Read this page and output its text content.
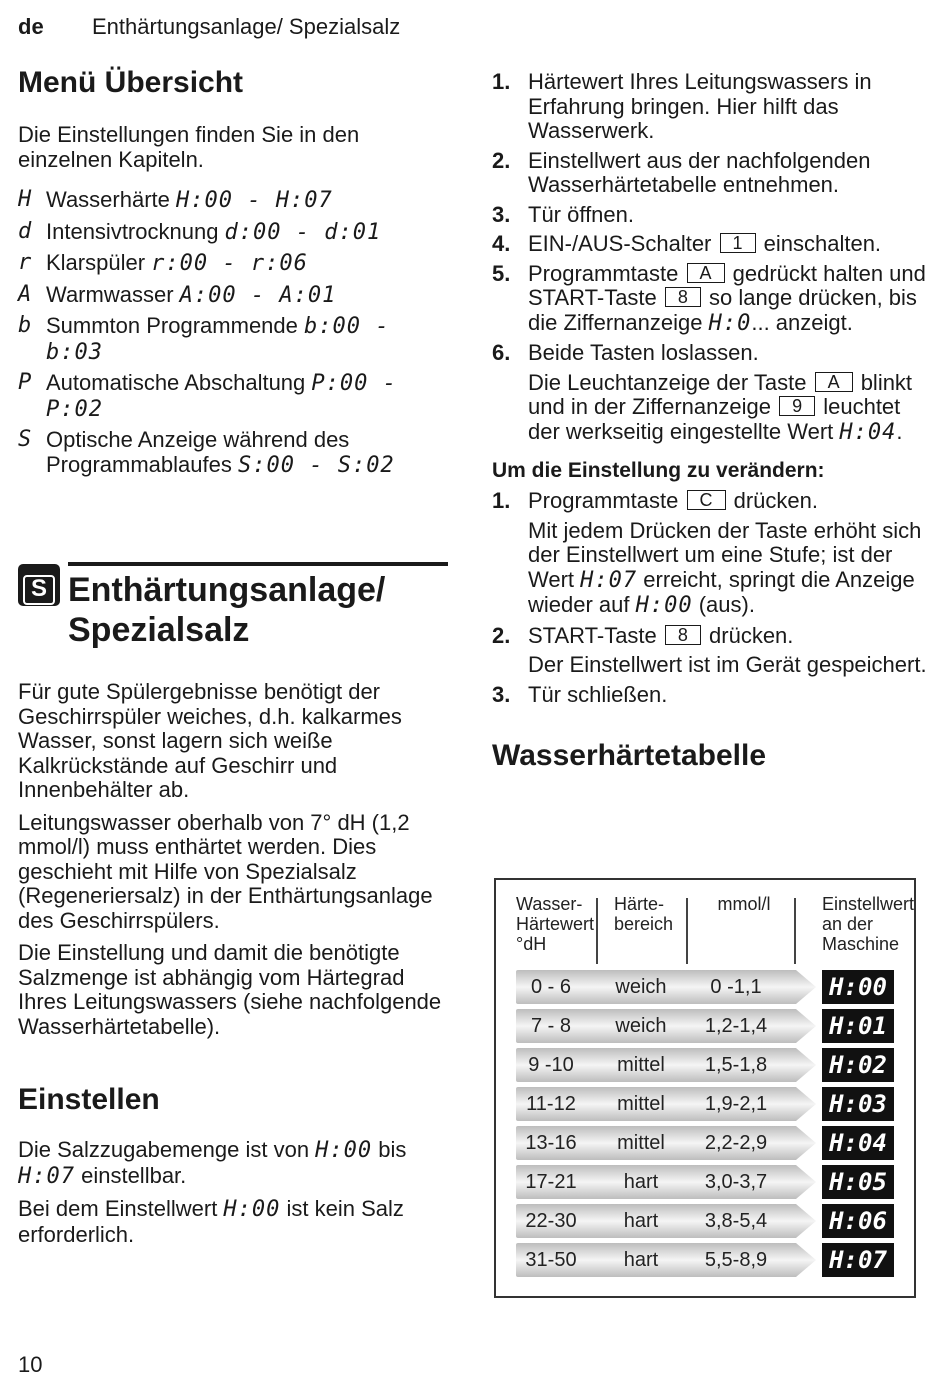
de Enthärtungsanlage/ Spezialsalz
Menü Übersicht

Die Einstellungen finden Sie in den einzelnen Kapiteln.

H Wasserhärte H:00 - H:07
d Intensivtrocknung d:00 - d:01
r Klarspüler r:00 - r:06
A Warmwasser A:00 - A:01
b Summton Programmende b:00 - b:03
P Automatische Abschaltung P:00 - P:02
S Optische Anzeige während des Programmablaufes S:00 - S:02
S Enthärtungsanlage/
Spezialsalz

Für gute Spülergebnisse benötigt der Geschirrspüler weiches, d.h. kalkarmes Wasser, sonst lagern sich weiße Kalkrückstände auf Geschirr und Innenbehälter ab.

Leitungswasser oberhalb von 7° dH (1,2 mmol/l) muss enthärtet werden. Dies geschieht mit Hilfe von Spezialsalz (Regeneriersalz) in der Enthärtungsanlage des Geschirrspülers.

Die Einstellung und damit die benötigte Salzmenge ist abhängig vom Härtegrad Ihres Leitungswassers (siehe nachfolgende Wasserhärtetabelle).

Einstellen

Die Salzzugabemenge ist von H:00 bis H:07 einstellbar.

Bei dem Einstellwert H:00 ist kein Salz erforderlich.

1. Härtewert Ihres Leitungswassers in Erfahrung bringen. Hier hilft das Wasserwerk.
2. Einstellwert aus der nachfolgenden Wasserhärtetabelle entnehmen.
3. Tür öffnen.
4. EIN-/AUS-Schalter 1 einschalten.
5. Programmtaste A gedrückt halten und START-Taste 8 so lange drücken, bis die Ziffernanzeige H:0... anzeigt.
6. Beide Tasten loslassen.
Die Leuchtanzeige der Taste A blinkt und in der Ziffernanzeige 9 leuchtet der werkseitig eingestellte Wert H:04.
Um die Einstellung zu verändern:
1. Programmtaste C drücken.
Mit jedem Drücken der Taste erhöht sich der Einstellwert um eine Stufe; ist der Wert H:07 erreicht, springt die Anzeige wieder auf H:00 (aus).
2. START-Taste 8 drücken.
Der Einstellwert ist im Gerät gespeichert.
3. Tür schließen.
Wasserhärtetabelle
Wasser-
Härtewert
°dH
Härte-
bereich
mmol/l	Einstellwert
an der
Maschine
0 - 6	weich	0 -1,1	H:00
7 - 8	weich	1,2-1,4	H:01
9 -10	mittel	1,5-1,8	H:02
11-12	mittel	1,9-2,1	H:03
13-16	mittel	2,2-2,9	H:04
17-21	hart	3,0-3,7	H:05
22-30	hart	3,8-5,4	H:06
31-50	hart	5,5-8,9	H:07
10
